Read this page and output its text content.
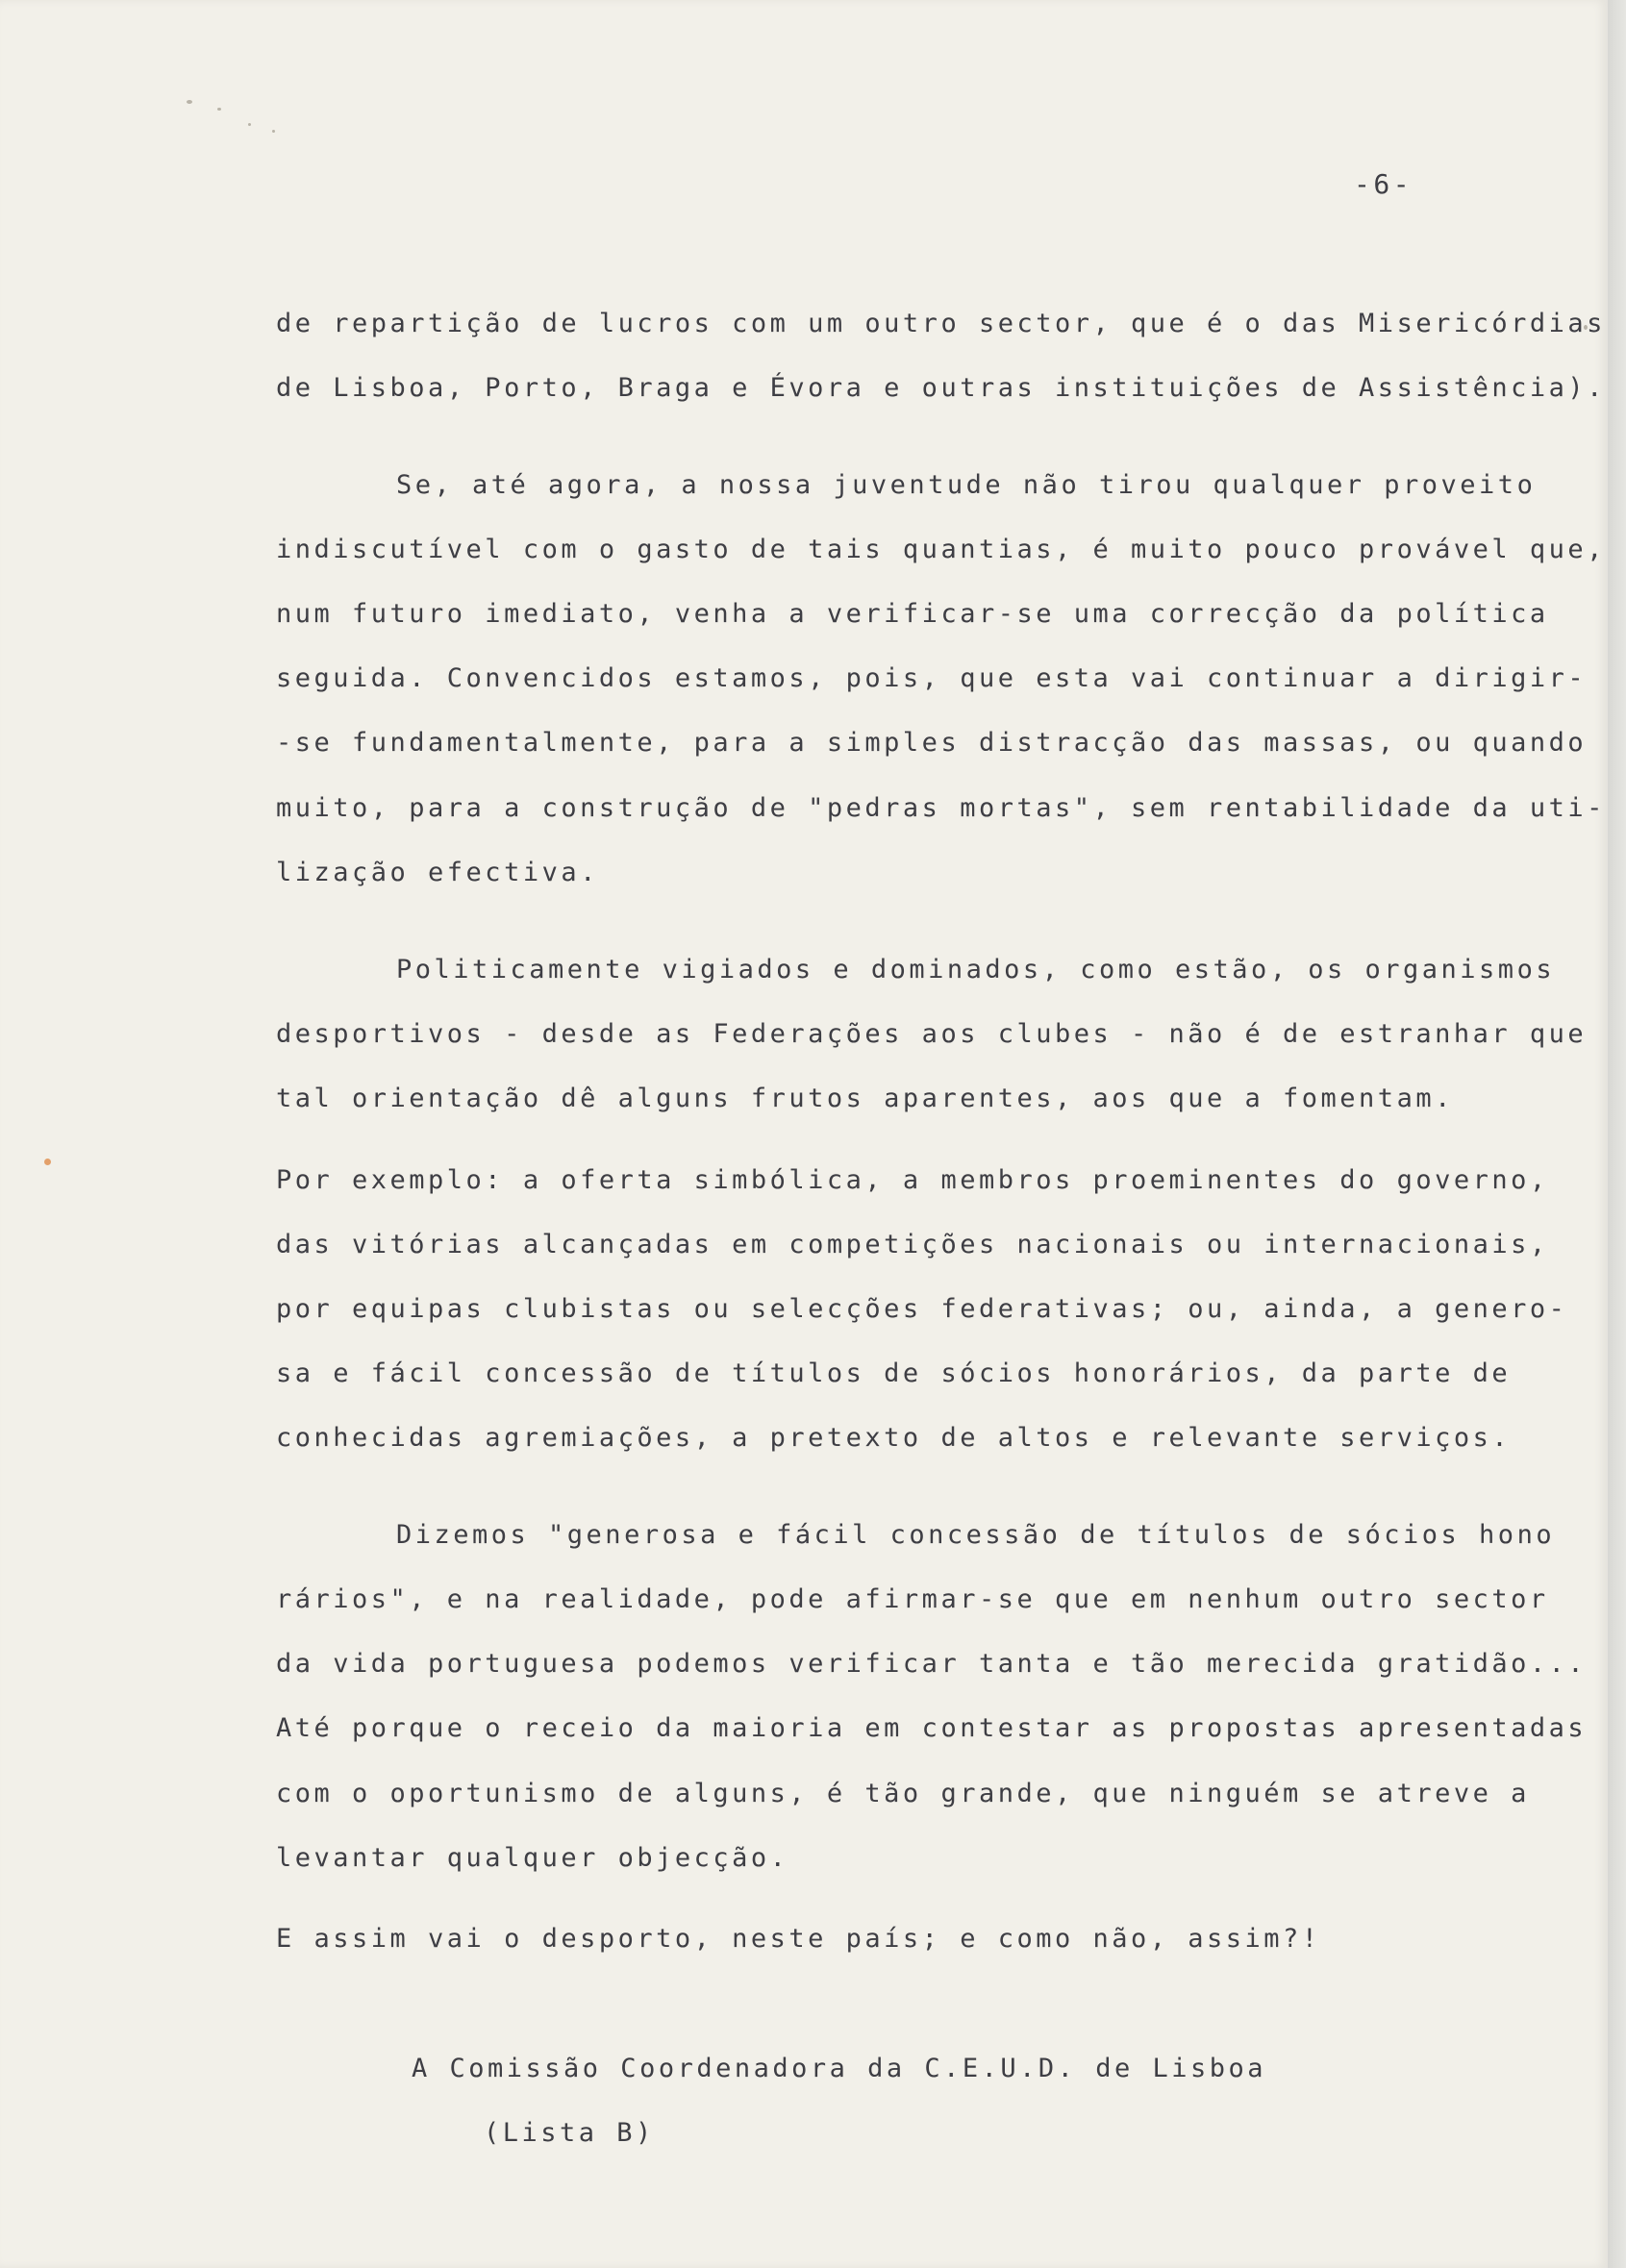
-6-
de repartição de lucros com um outro sector, que é o das Misericórdias
de Lisboa, Porto, Braga e Évora e outras instituições de Assistência).
Se, até agora, a nossa juventude não tirou qualquer proveito
indiscutível com o gasto de tais quantias, é muito pouco provável que,
num futuro imediato, venha a verificar-se uma correcção da política
seguida. Convencidos estamos, pois, que esta vai continuar a dirigir-
-se fundamentalmente, para a simples distracção das massas, ou quando
muito, para a construção de "pedras mortas", sem rentabilidade da uti-
lização efectiva.
Politicamente vigiados e dominados, como estão, os organismos
desportivos - desde as Federações aos clubes - não é de estranhar que
tal orientação dê alguns frutos aparentes, aos que a fomentam.
Por exemplo: a oferta simbólica, a membros proeminentes do governo,
das vitórias alcançadas em competições nacionais ou internacionais,
por equipas clubistas ou selecções federativas; ou, ainda, a genero-
sa e fácil concessão de títulos de sócios honorários, da parte de
conhecidas agremiações, a pretexto de altos e relevante serviços.
Dizemos "generosa e fácil concessão de títulos de sócios hono
rários", e na realidade, pode afirmar-se que em nenhum outro sector
da vida portuguesa podemos verificar tanta e tão merecida gratidão...
Até porque o receio da maioria em contestar as propostas apresentadas
com o oportunismo de alguns, é tão grande, que ninguém se atreve a
levantar qualquer objecção.
E assim vai o desporto, neste país; e como não, assim?!
A Comissão Coordenadora da C.E.U.D. de Lisboa
(Lista B)
